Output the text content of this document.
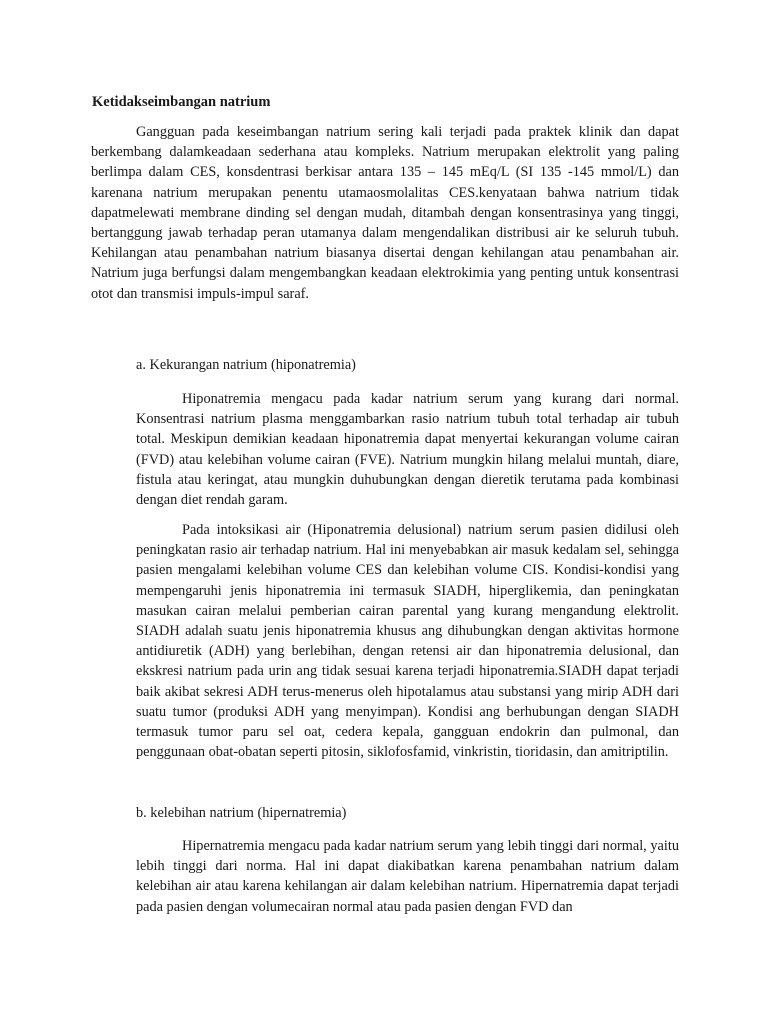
Ketidakseimbangan natrium

Gangguan pada keseimbangan natrium sering kali terjadi pada praktek klinik dan dapat berkembang dalamkeadaan sederhana atau kompleks. Natrium merupakan elektrolit yang paling berlimpa dalam CES, konsdentrasi berkisar antara 135 – 145 mEq/L (SI 135 -145 mmol/L) dan karenana natrium merupakan penentu utamaosmolalitas CES.kenyataan bahwa natrium tidak dapatmelewati membrane dinding sel dengan mudah, ditambah dengan konsentrasinya yang tinggi, bertanggung jawab terhadap peran utamanya dalam mengendalikan distribusi air ke seluruh tubuh. Kehilangan atau penambahan natrium biasanya disertai dengan kehilangan atau penambahan air. Natrium juga berfungsi dalam mengembangkan keadaan elektrokimia yang penting untuk konsentrasi otot dan transmisi impuls-impul saraf.

a. Kekurangan natrium (hiponatremia)

Hiponatremia mengacu pada kadar natrium serum yang kurang dari normal. Konsentrasi natrium plasma menggambarkan rasio natrium tubuh total terhadap air tubuh total. Meskipun demikian keadaan hiponatremia dapat menyertai kekurangan volume cairan (FVD) atau kelebihan volume cairan (FVE). Natrium mungkin hilang melalui muntah, diare, fistula atau keringat, atau mungkin duhubungkan dengan dieretik terutama pada kombinasi dengan diet rendah garam.

Pada intoksikasi air (Hiponatremia delusional) natrium serum pasien didilusi oleh peningkatan rasio air terhadap natrium. Hal ini menyebabkan air masuk kedalam sel, sehingga pasien mengalami kelebihan volume CES dan kelebihan volume CIS. Kondisi-kondisi yang mempengaruhi jenis hiponatremia ini termasuk SIADH, hiperglikemia, dan peningkatan masukan cairan melalui pemberian cairan parental yang kurang mengandung elektrolit. SIADH adalah suatu jenis hiponatremia khusus ang dihubungkan dengan aktivitas hormone antidiuretik (ADH) yang berlebihan, dengan retensi air dan hiponatremia delusional, dan ekskresi natrium pada urin ang tidak sesuai karena terjadi hiponatremia.SIADH dapat terjadi baik akibat sekresi ADH terus-menerus oleh hipotalamus atau substansi yang mirip ADH dari suatu tumor (produksi ADH yang menyimpan). Kondisi ang berhubungan dengan SIADH termasuk tumor paru sel oat, cedera kepala, gangguan endokrin dan pulmonal, dan penggunaan obat-obatan seperti pitosin, siklofosfamid, vinkristin, tioridasin, dan amitriptilin.

b. kelebihan natrium (hipernatremia)

Hipernatremia mengacu pada kadar natrium serum yang lebih tinggi dari normal, yaitu lebih tinggi dari norma. Hal ini dapat diakibatkan karena penambahan natrium dalam kelebihan air atau karena kehilangan air dalam kelebihan natrium. Hipernatremia dapat terjadi pada pasien dengan volumecairan normal atau pada pasien dengan FVD dan
